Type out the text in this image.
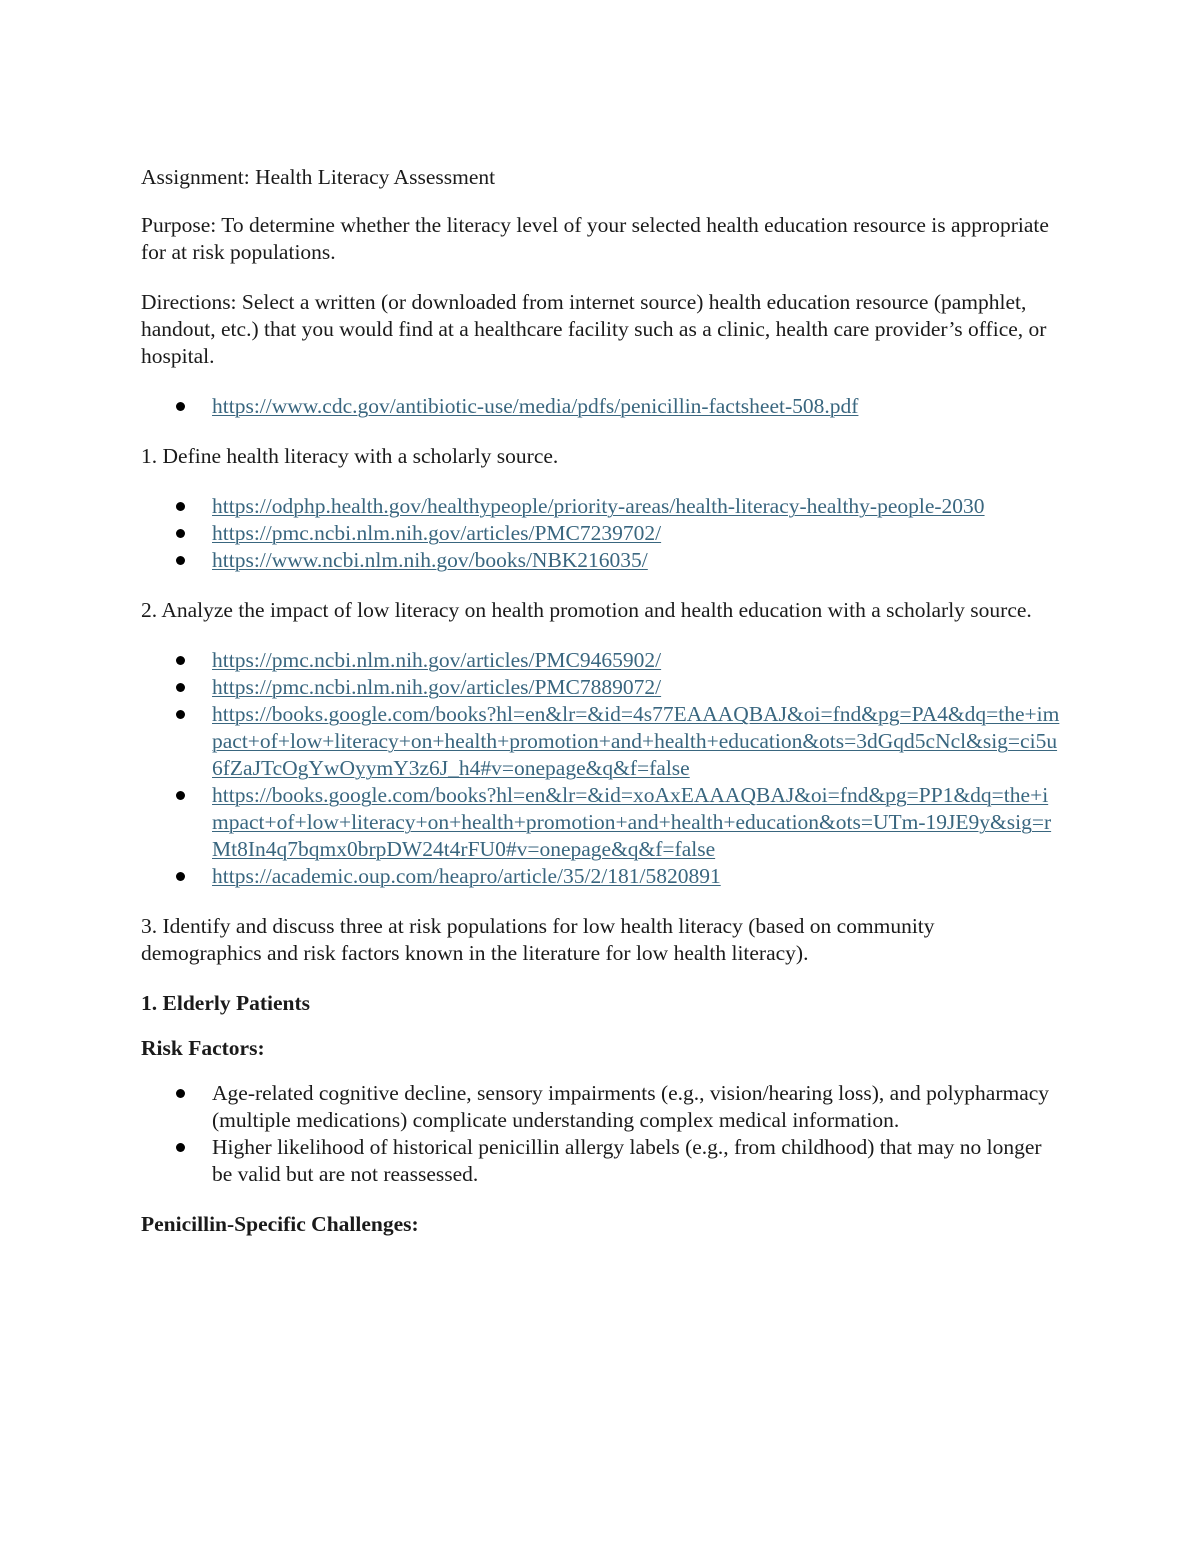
Assignment: Health Literacy Assessment

Purpose: To determine whether the literacy level of your selected health education resource is appropriate for at risk populations.

Directions: Select a written (or downloaded from internet source) health education resource (pamphlet, handout, etc.) that you would find at a healthcare facility such as a clinic, health care provider’s office, or hospital.

https://www.cdc.gov/antibiotic-use/media/pdfs/penicillin-factsheet-508.pdf

1. Define health literacy with a scholarly source.

https://odphp.health.gov/healthypeople/priority-areas/health-literacy-healthy-people-2030
https://pmc.ncbi.nlm.nih.gov/articles/PMC7239702/
https://www.ncbi.nlm.nih.gov/books/NBK216035/

2. Analyze the impact of low literacy on health promotion and health education with a scholarly source.

https://pmc.ncbi.nlm.nih.gov/articles/PMC9465902/
https://pmc.ncbi.nlm.nih.gov/articles/PMC7889072/
https://books.google.com/books?hl=en&lr=&id=4s77EAAAQBAJ&oi=fnd&pg=PA4&dq=the+impact+of+low+literacy+on+health+promotion+and+health+education&ots=3dGqd5cNcl&sig=ci5u6fZaJTcOgYwOyymY3z6J_h4#v=onepage&q&f=false
https://books.google.com/books?hl=en&lr=&id=xoAxEAAAQBAJ&oi=fnd&pg=PP1&dq=the+impact+of+low+literacy+on+health+promotion+and+health+education&ots=UTm-19JE9y&sig=rMt8In4q7bqmx0brpDW24t4rFU0#v=onepage&q&f=false
https://academic.oup.com/heapro/article/35/2/181/5820891

3. Identify and discuss three at risk populations for low health literacy (based on community demographics and risk factors known in the literature for low health literacy).

1. Elderly Patients

Risk Factors:

Age-related cognitive decline, sensory impairments (e.g., vision/hearing loss), and polypharmacy (multiple medications) complicate understanding complex medical information.
Higher likelihood of historical penicillin allergy labels (e.g., from childhood) that may no longer be valid but are not reassessed.

Penicillin-Specific Challenges:
